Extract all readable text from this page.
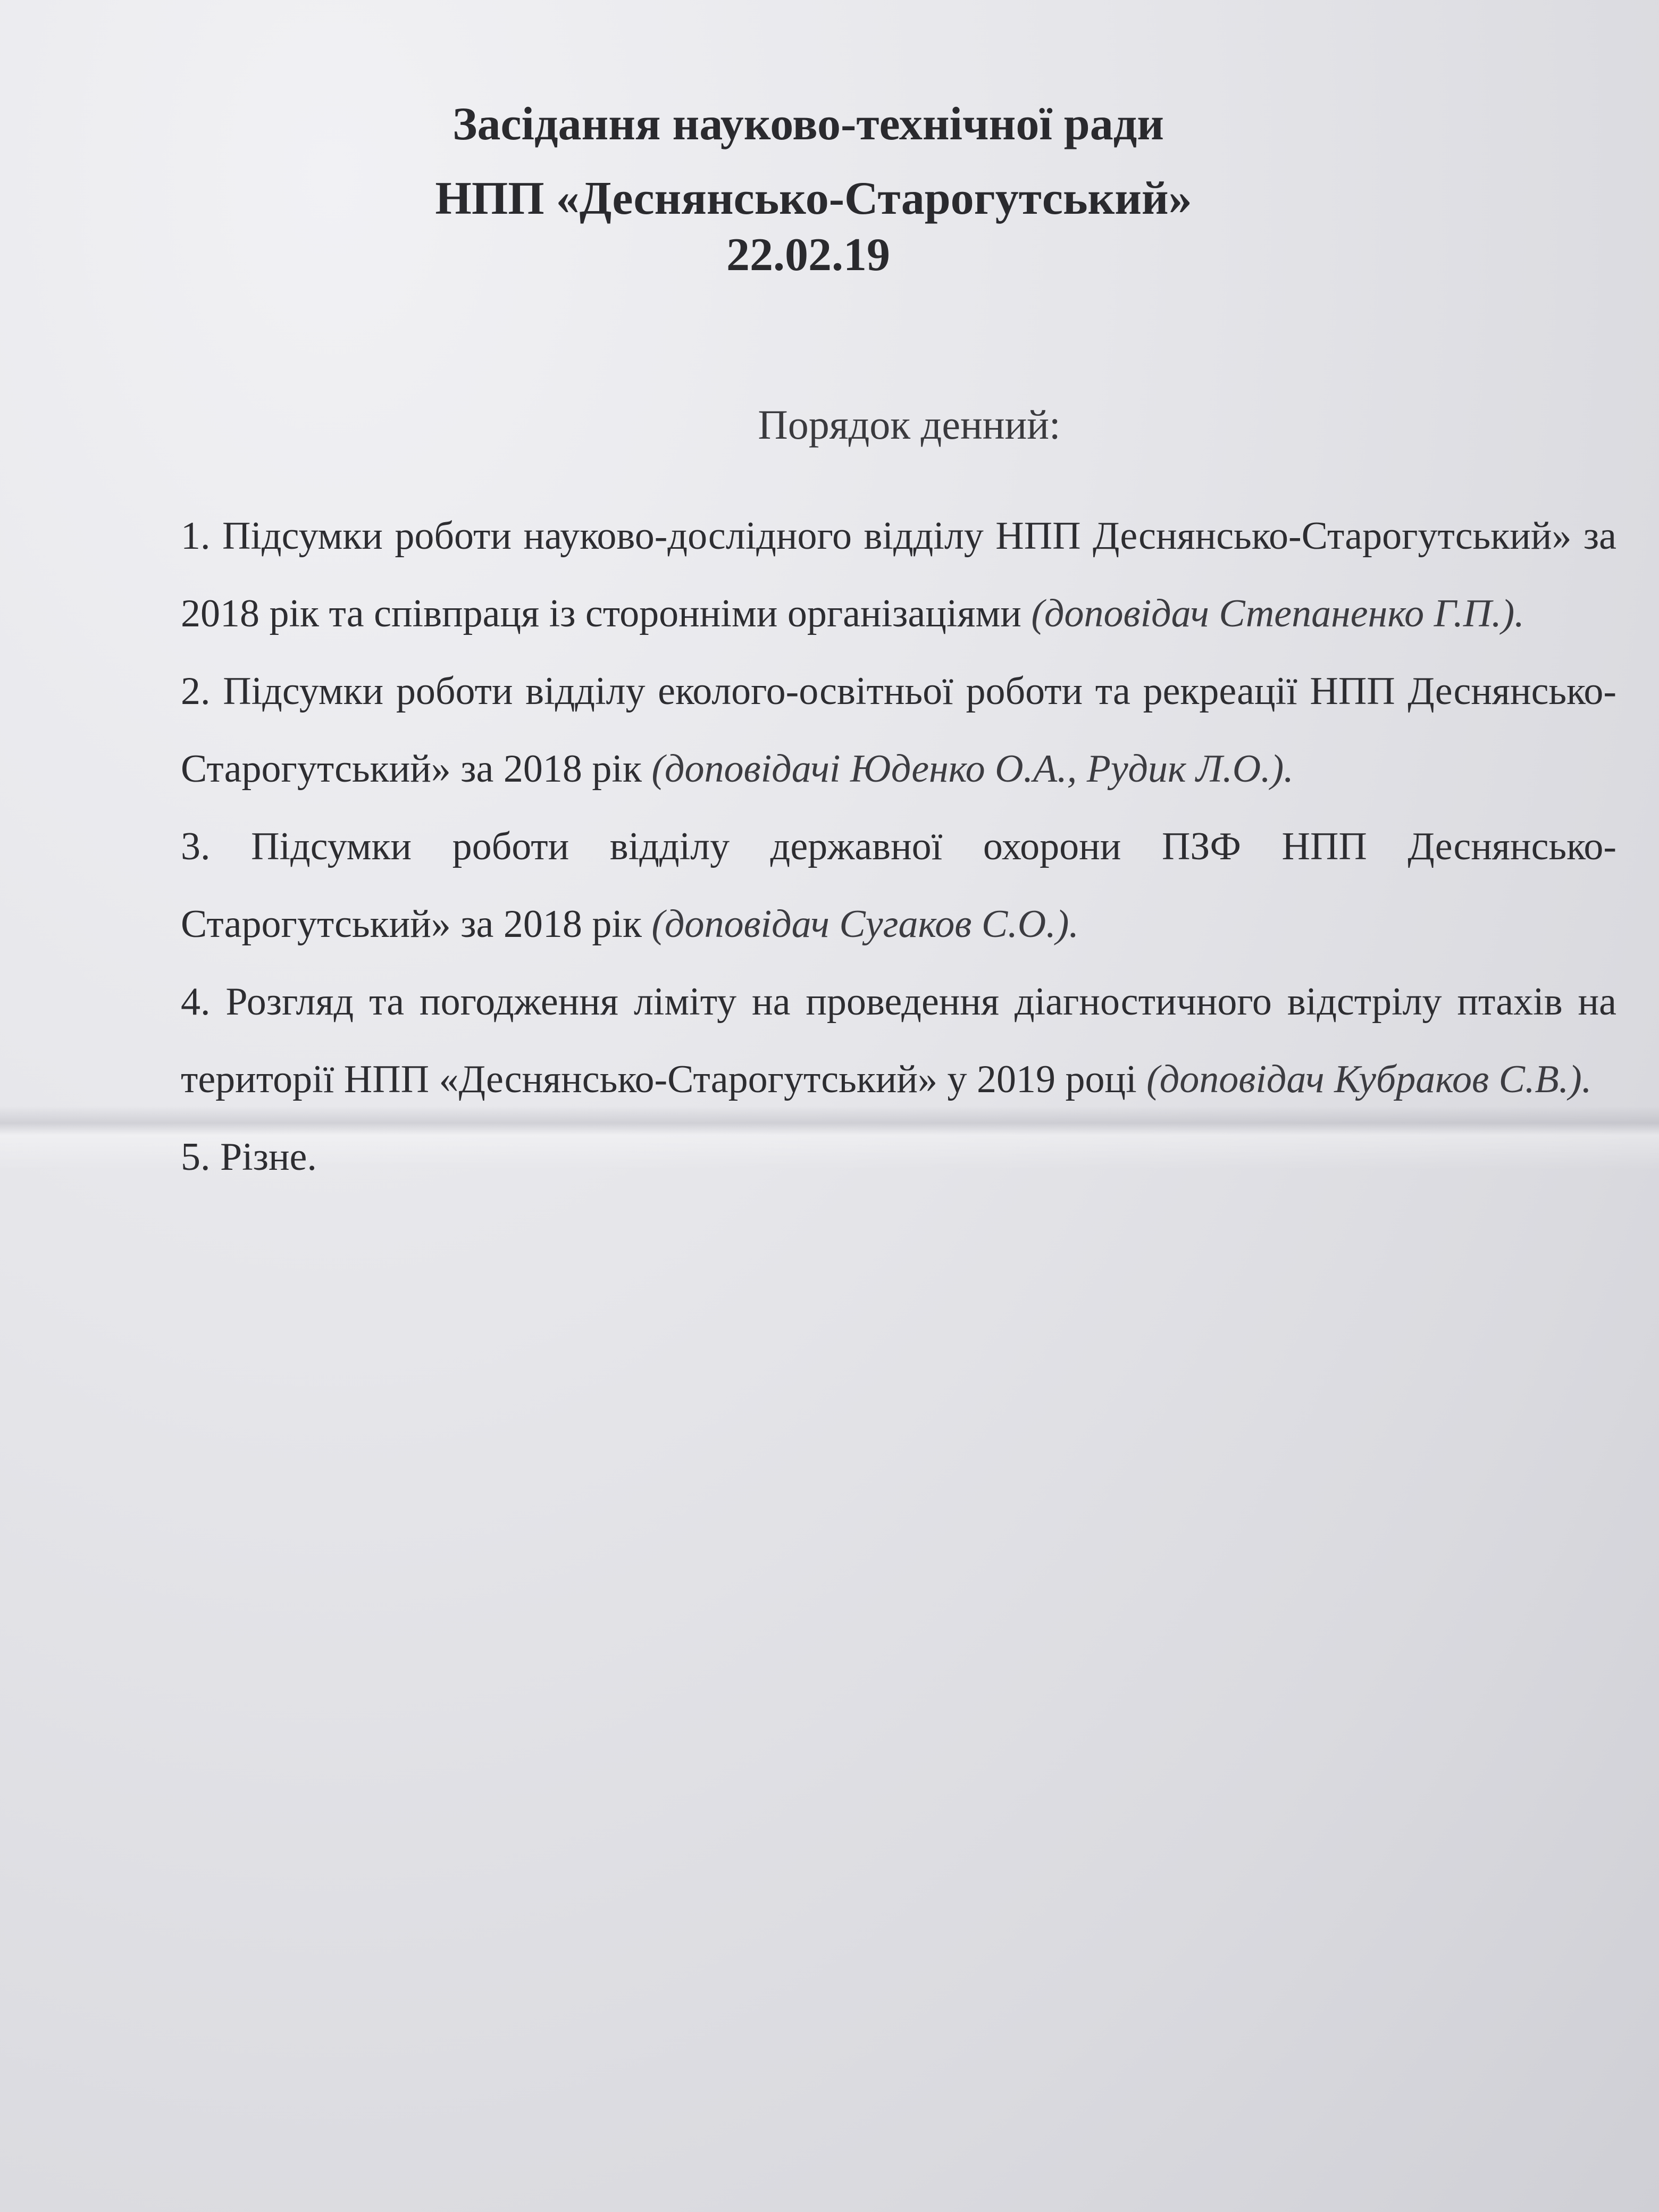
Засідання науково-технічної ради
НПП «Деснянсько-Старогутський»
22.02.19

Порядок денний:

1. Підсумки роботи науково-дослідного відділу НПП Деснянсько-Старогутський» за 2018 рік та співпраця із сторонніми організаціями (доповідач Степаненко Г.П.).

2. Підсумки роботи відділу еколого-освітньої роботи та рекреації НПП Деснянсько-Старогутський» за 2018 рік (доповідачі Юденко О.А., Рудик Л.О.).

3. Підсумки роботи відділу державної охорони ПЗФ НПП Деснянсько-Старогутський» за 2018 рік (доповідач Сугаков С.О.).

4. Розгляд та погодження ліміту на проведення діагностичного відстрілу птахів на території НПП «Деснянсько-Старогутський» у 2019 році (доповідач Кубраков С.В.).

5. Різне.
